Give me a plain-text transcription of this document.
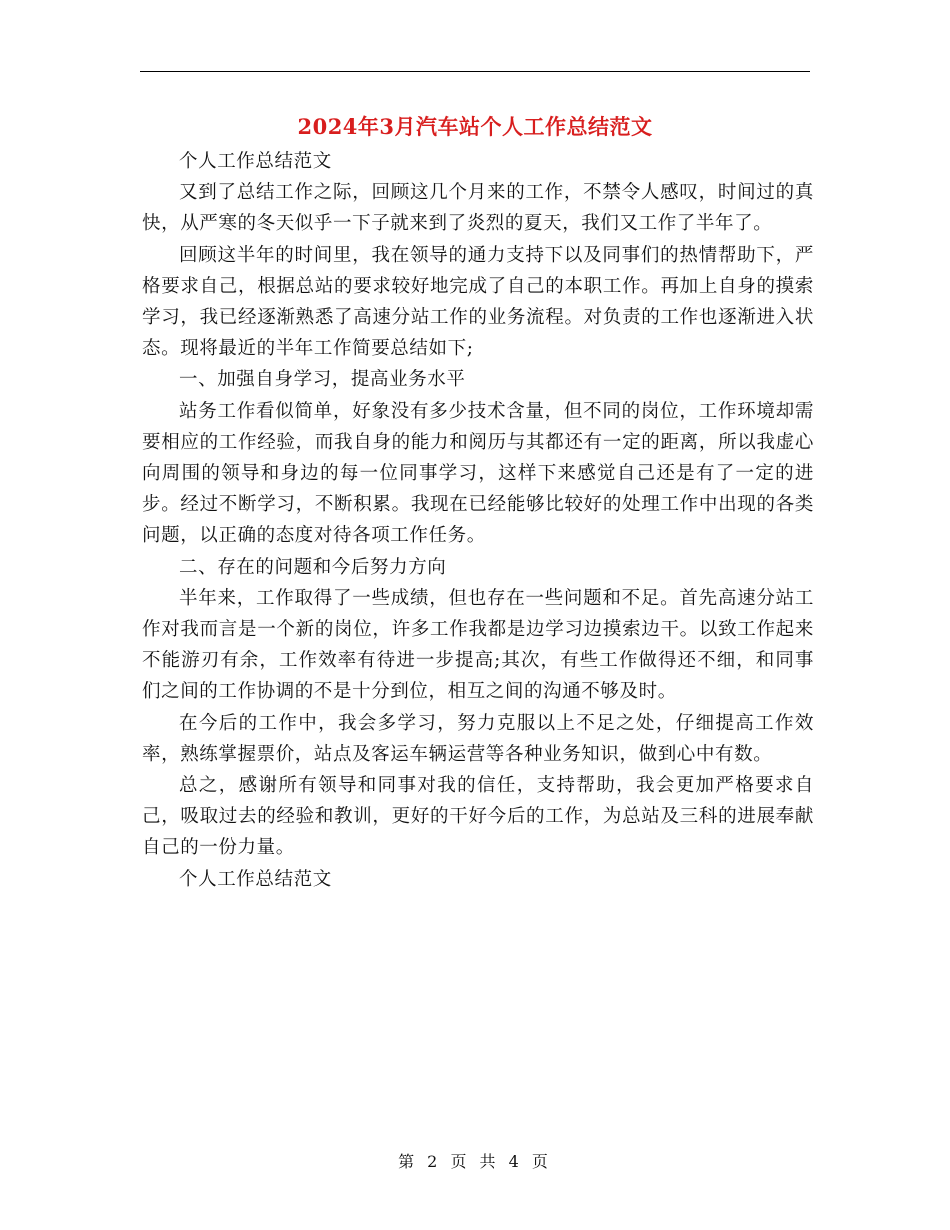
2024年3月汽车站个人工作总结范文

个人工作总结范文

又到了总结工作之际，回顾这几个月来的工作，不禁令人感叹，时间过的真快，从严寒的冬天似乎一下子就来到了炎烈的夏天，我们又工作了半年了。

回顾这半年的时间里，我在领导的通力支持下以及同事们的热情帮助下，严格要求自己，根据总站的要求较好地完成了自己的本职工作。再加上自身的摸索学习，我已经逐渐熟悉了高速分站工作的业务流程。对负责的工作也逐渐进入状态。现将最近的半年工作简要总结如下;

一、加强自身学习，提高业务水平

站务工作看似简单，好象没有多少技术含量，但不同的岗位，工作环境却需要相应的工作经验，而我自身的能力和阅历与其都还有一定的距离，所以我虚心向周围的领导和身边的每一位同事学习，这样下来感觉自己还是有了一定的进步。经过不断学习，不断积累。我现在已经能够比较好的处理工作中出现的各类问题，以正确的态度对待各项工作任务。

二、存在的问题和今后努力方向

半年来，工作取得了一些成绩，但也存在一些问题和不足。首先高速分站工作对我而言是一个新的岗位，许多工作我都是边学习边摸索边干。以致工作起来不能游刃有余，工作效率有待进一步提高;其次，有些工作做得还不细，和同事们之间的工作协调的不是十分到位，相互之间的沟通不够及时。

在今后的工作中，我会多学习，努力克服以上不足之处，仔细提高工作效率，熟练掌握票价，站点及客运车辆运营等各种业务知识，做到心中有数。

总之，感谢所有领导和同事对我的信任，支持帮助，我会更加严格要求自己，吸取过去的经验和教训，更好的干好今后的工作，为总站及三科的进展奉献自己的一份力量。

个人工作总结范文

第 2 页 共 4 页
